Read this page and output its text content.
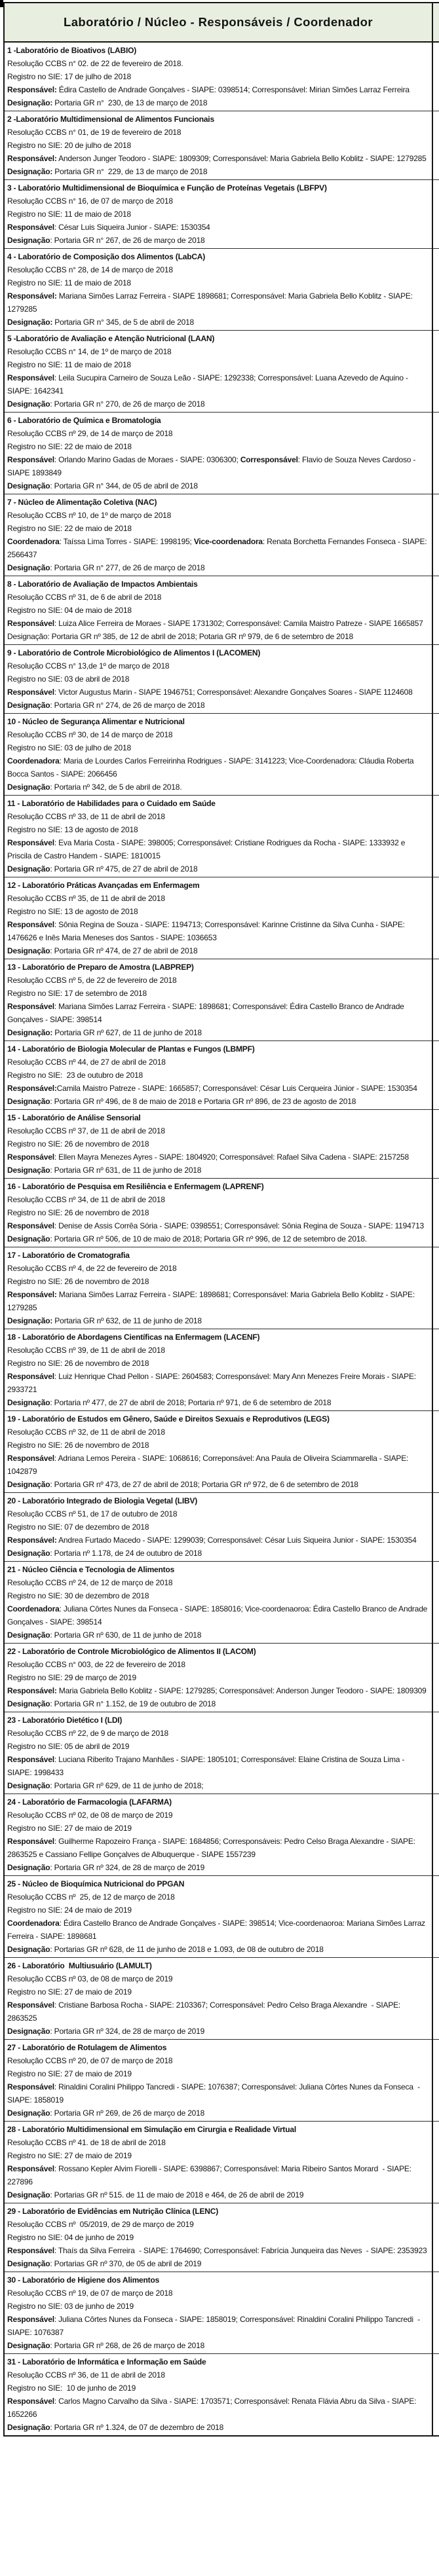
Laboratório / Núcleo - Responsáveis / Coordenador
1 -Laboratório de Bioativos (LABIO)
Resolução CCBS n° 02. de 22 de fevereiro de 2018.
Registro no SIE: 17 de julho de 2018
Responsável: Édira Castello de Andrade Gonçalves - SIAPE: 0398514; Corresponsável: Mirian Simões Larraz Ferreira
Designação: Portaria GR n°  230, de 13 de março de 2018
2 -Laboratório Multidimensional de Alimentos Funcionais
Resolução CCBS n° 01, de 19 de fevereiro de 2018
Registro no SIE: 20 de julho de 2018
Responsável: Anderson Junger Teodoro - SIAPE: 1809309; Corresponsável: Maria Gabriela Bello Koblitz - SIAPE: 1279285
Designação: Portaria GR n°  229, de 13 de março de 2018
3 - Laboratório Multidimensional de Bioquímica e Função de Proteínas Vegetais (LBFPV)
Resolução CCBS n° 16, de 07 de março de 2018
Registro no SIE: 11 de maio de 2018
Responsável: César Luis Siqueira Junior - SIAPE: 1530354
Designação: Portaria GR n° 267, de 26 de março de 2018
4 - Laboratório de Composição dos Alimentos (LabCA)
Resolução CCBS n° 28, de 14 de março de 2018
Registro no SIE: 11 de maio de 2018
Responsável: Mariana Simões Larraz Ferreira - SIAPE 1898681; Corresponsável: Maria Gabriela Bello Koblitz - SIAPE: 1279285
Designação: Portaria GR n° 345, de 5 de abril de 2018
5 -Laboratório de Avaliação e Atenção Nutricional (LAAN)
Resolução CCBS n° 14, de 1º de março de 2018
Registro no SIE: 11 de maio de 2018
Responsável: Leila Sucupira Carneiro de Souza Leão - SIAPE: 1292338; Corresponsável: Luana Azevedo de Aquino - SIAPE: 1642341
Designação: Portaria GR n° 270, de 26 de março de 2018
6 - Laboratório de Química e Bromatologia
Resolução CCBS nº 29, de 14 de março de 2018
Registro no SIE: 22 de maio de 2018
Responsável: Orlando Marino Gadas de Moraes - SIAPE: 0306300; Corresponsável: Flavio de Souza Neves Cardoso - SIAPE 1893849
Designação: Portaria GR n° 344, de 05 de abril de 2018
7 - Núcleo de Alimentação Coletiva (NAC)
Resolução CCBS nº 10, de 1º de março de 2018
Registro no SIE: 22 de maio de 2018
Coordenadora: Taíssa Lima Torres - SIAPE: 1998195; Vice-coordenadora: Renata Borchetta Fernandes Fonseca - SIAPE: 2566437
Designação: Portaria GR n° 277, de 26 de março de 2018
8 - Laboratório de Avaliação de Impactos Ambientais
Resolução CCBS nº 31, de 6 de abril de 2018
Registro no SIE: 04 de maio de 2018
Responsável: Luiza Alice Ferreira de Moraes - SIAPE 1731302; Corresponsável: Camila Maistro Patreze - SIAPE 1665857
Designação: Portaria GR nº 385, de 12 de abril de 2018; Potaria GR nº 979, de 6 de setembro de 2018
9 - Laboratório de Controle Microbiológico de Alimentos I (LACOMEN)
Resolução CCBS n° 13,de 1º de março de 2018
Registro no SIE: 03 de abril de 2018
Responsável: Victor Augustus Marin - SIAPE 1946751; Corresponsável: Alexandre Gonçalves Soares - SIAPE 1124608
Designação: Portaria GR n° 274, de 26 de março de 2018
10 - Núcleo de Segurança Alimentar e Nutricional
Resolução CCBS nº 30, de 14 de março de 2018
Registro no SIE: 03 de julho de 2018
Coordenadora: Maria de Lourdes Carlos Ferreirinha Rodrigues - SIAPE: 3141223; Vice-Coordenadora: Cláudia Roberta Bocca Santos - SIAPE: 2066456
Designação: Portaria nº 342, de 5 de abril de 2018.
11 - Laboratório de Habilidades para o Cuidado em Saúde
Resolução CCBS nº 33, de 11 de abril de 2018
Registro no SIE: 13 de agosto de 2018
Responsável: Eva Maria Costa - SIAPE: 398005; Corresponsável: Cristiane Rodrigues da Rocha - SIAPE: 1333932 e Priscila de Castro Handem - SIAPE: 1810015
Designação: Portaria GR nº 475, de 27 de abril de 2018
12 - Laboratório Práticas Avançadas em Enfermagem
Resolução CCBS nº 35, de 11 de abril de 2018
Registro no SIE: 13 de agosto de 2018
Responsável: Sônia Regina de Souza - SIAPE: 1194713; Corresponsável: Karinne Cristinne da Silva Cunha - SIAPE: 1476626 e Inês Maria Meneses dos Santos - SIAPE: 1036653
Designação: Portaria GR nº 474, de 27 de abril de 2018
13 - Laboratório de Preparo de Amostra (LABPREP)
Resolução CCBS nº 5, de 22 de fevereiro de 2018
Registro no SIE: 17 de setembro de 2018
Responsável: Mariana Simões Larraz Ferreira - SIAPE: 1898681; Corresponsável: Édira Castello Branco de Andrade Gonçalves - SIAPE: 398514
Designação: Portaria GR nº 627, de 11 de junho de 2018
14 - Laboratório de Biologia Molecular de Plantas e Fungos (LBMPF)
Resolução CCBS nº 44, de 27 de abril de 2018
Registro no SIE:  23 de outubro de 2018
Responsável:Camila Maistro Patreze - SIAPE: 1665857; Corresponsável: César Luis Cerqueira Júnior - SIAPE: 1530354
Designação: Portaria GR nº 496, de 8 de maio de 2018 e Portaria GR nº 896, de 23 de agosto de 2018
15 - Laboratório de Análise Sensorial
Resolução CCBS nº 37, de 11 de abril de 2018
Registro no SIE: 26 de novembro de 2018
Responsável: Ellen Mayra Menezes Ayres - SIAPE: 1804920; Corresponsável: Rafael Silva Cadena - SIAPE: 2157258
Designação: Portaria GR nº 631, de 11 de junho de 2018
16 - Laboratório de Pesquisa em Resiliência e Enfermagem (LAPRENF)
Resolução CCBS nº 34, de 11 de abril de 2018
Registro no SIE: 26 de novembro de 2018
Responsável: Denise de Assis Corrêa Sória - SIAPE: 0398551; Corresponsável: Sônia Regina de Souza - SIAPE: 1194713
Designação: Portaria GR nº 506, de 10 de maio de 2018; Portaria GR nº 996, de 12 de setembro de 2018.
17 - Laboratório de Cromatografia
Resolução CCBS nº 4, de 22 de fevereiro de 2018
Registro no SIE: 26 de novembro de 2018
Responsável: Mariana Simões Larraz Ferreira - SIAPE: 1898681; Corresponsável: Maria Gabriela Bello Koblitz - SIAPE: 1279285
Designação: Portaria GR nº 632, de 11 de junho de 2018
18 - Laboratório de Abordagens Científicas na Enfermagem (LACENF)
Resolução CCBS nº 39, de 11 de abril de 2018
Registro no SIE: 26 de novembro de 2018
Responsável: Luiz Henrique Chad Pellon - SIAPE: 2604583; Corresponsável: Mary Ann Menezes Freire Morais - SIAPE: 2933721
Designação: Portaria nº 477, de 27 de abril de 2018; Portaria nº 971, de 6 de setembro de 2018
19 - Laboratório de Estudos em Gênero, Saúde e Direitos Sexuais e Reprodutivos (LEGS)
Resolução CCBS nº 32, de 11 de abril de 2018
Registro no SIE: 26 de novembro de 2018
Responsável: Adriana Lemos Pereira - SIAPE: 1068616; Correponsável: Ana Paula de Oliveira Sciammarella - SIAPE: 1042879
Designação: Portaria GR nº 473, de 27 de abril de 2018; Portaria GR nº 972, de 6 de setembro de 2018
20 - Laboratório Integrado de Biologia Vegetal (LIBV)
Resolução CCBS nº 51, de 17 de outubro de 2018
Registro no SIE: 07 de dezembro de 2018
Responsável: Andrea Furtado Macedo - SIAPE: 1299039; Corresponsável: César Luis Siqueira Junior - SIAPE: 1530354
Designação: Portaria nº 1.178, de 24 de outubro de 2018
21 - Núcleo Ciência e Tecnologia de Alimentos
Resolução CCBS nº 24, de 12 de março de 2018
Registro no SIE: 30 de dezembro de 2018
Coordenadora: Juliana Côrtes Nunes da Fonseca - SIAPE: 1858016; Vice-coordenaoroa: Édira Castello Branco de Andrade Gonçalves - SIAPE: 398514
Designação: Portaria GR nº 630, de 11 de junho de 2018
22 - Laboratório de Controle Microbiológico de Alimentos II (LACOM)
Resolução CCBS n° 003, de 22 de fevereiro de 2018
Registro no SIE: 29 de março de 2019
Responsável: Maria Gabriela Bello Koblitz - SIAPE: 1279285; Corresponsável: Anderson Junger Teodoro - SIAPE: 1809309
Designação: Portaria GR n° 1.152, de 19 de outubro de 2018
23 - Laboratório Dietético I (LDI)
Resolução CCBS nº 22, de 9 de março de 2018
Registro no SIE: 05 de abril de 2019
Responsável: Luciana Riberito Trajano Manhães - SIAPE: 1805101; Corresponsável: Elaine Cristina de Souza Lima - SIAPE: 1998433
Designação: Portaria GR nº 629, de 11 de junho de 2018;
24 - Laboratório de Farmacologia (LAFARMA)
Resolução CCBS nº 02, de 08 de março de 2019
Registro no SIE: 27 de maio de 2019
Responsável: Guilherme Rapozeiro França - SIAPE: 1684856; Corresponsáveis: Pedro Celso Braga Alexandre - SIAPE: 2863525 e Cassiano Fellipe Gonçalves de Albuquerque - SIAPE 1557239
Designação: Portaria GR nº 324, de 28 de março de 2019
25 - Núcleo de Bioquímica Nutricional do PPGAN
Resolução CCBS nº  25, de 12 de março de 2018
Registro no SIE: 24 de maio de 2019
Coordenadora: Édira Castello Branco de Andrade Gonçalves - SIAPE: 398514; Vice-coordenaoroa: Mariana Simões Larraz Ferreira - SIAPE: 1898681
Designação: Portarias GR nº 628, de 11 de junho de 2018 e 1.093, de 08 de outubro de 2018
26 - Laboratório  Multiusuário (LAMULT)
Resolução CCBS nº 03, de 08 de março de 2019
Registro no SIE: 27 de maio de 2019
Responsável: Cristiane Barbosa Rocha - SIAPE: 2103367; Corresponsável: Pedro Celso Braga Alexandre  - SIAPE: 2863525
Designação: Portaria GR nº 324, de 28 de março de 2019
27 - Laboratório de Rotulagem de Alimentos
Resolução CCBS nº 20, de 07 de março de 2018
Registro no SIE: 27 de maio de 2019
Responsável: Rinaldini Coralini Philippo Tancredi - SIAPE: 1076387; Corresponsável: Juliana Côrtes Nunes da Fonseca  - SIAPE: 1858019
Designação: Portaria GR nº 269, de 26 de março de 2018
28 - Laboratório Multidimensional em Simulação em Cirurgia e Realidade Virtual
Resolução CCBS nº 41. de 18 de abril de 2018
Registro no SIE: 27 de maio de 2019
Responsável: Rossano Kepler Alvim Fiorelli - SIAPE: 6398867; Corresponsável: Maria Ribeiro Santos Morard  - SIAPE: 227896
Designação: Portarias GR nº 515. de 11 de maio de 2018 e 464, de 26 de abril de 2019
29 - Laboratório de Evidências em Nutrição Clínica (LENC)
Resolução CCBS nº  05/2019, de 29 de março de 2019
Registro no SIE: 04 de junho de 2019
Responsável: Thaís da Silva Ferreira  - SIAPE: 1764690; Corresponsável: Fabrícia Junqueira das Neves  - SIAPE: 2353923
Designação: Portarias GR nº 370, de 05 de abril de 2019
30 - Laboratório de Higiene dos Alimentos
Resolução CCBS nº 19, de 07 de março de 2018
Registro no SIE: 03 de junho de 2019
Responsável: Juliana Côrtes Nunes da Fonseca - SIAPE: 1858019; Corresponsável: Rinaldini Coralini Philippo Tancredi  - SIAPE: 1076387
Designação: Portaria GR nº 268, de 26 de março de 2018
31 - Laboratório de Informática e Informação em Saúde
Resolução CCBS nº 36, de 11 de abril de 2018
Registro no SIE:  10 de junho de 2019
Responsável: Carlos Magno Carvalho da Silva - SIAPE: 1703571; Corresponsável: Renata Flávia Abru da Silva - SIAPE: 1652266
Designação: Portaria GR nº 1.324, de 07 de dezembro de 2018
